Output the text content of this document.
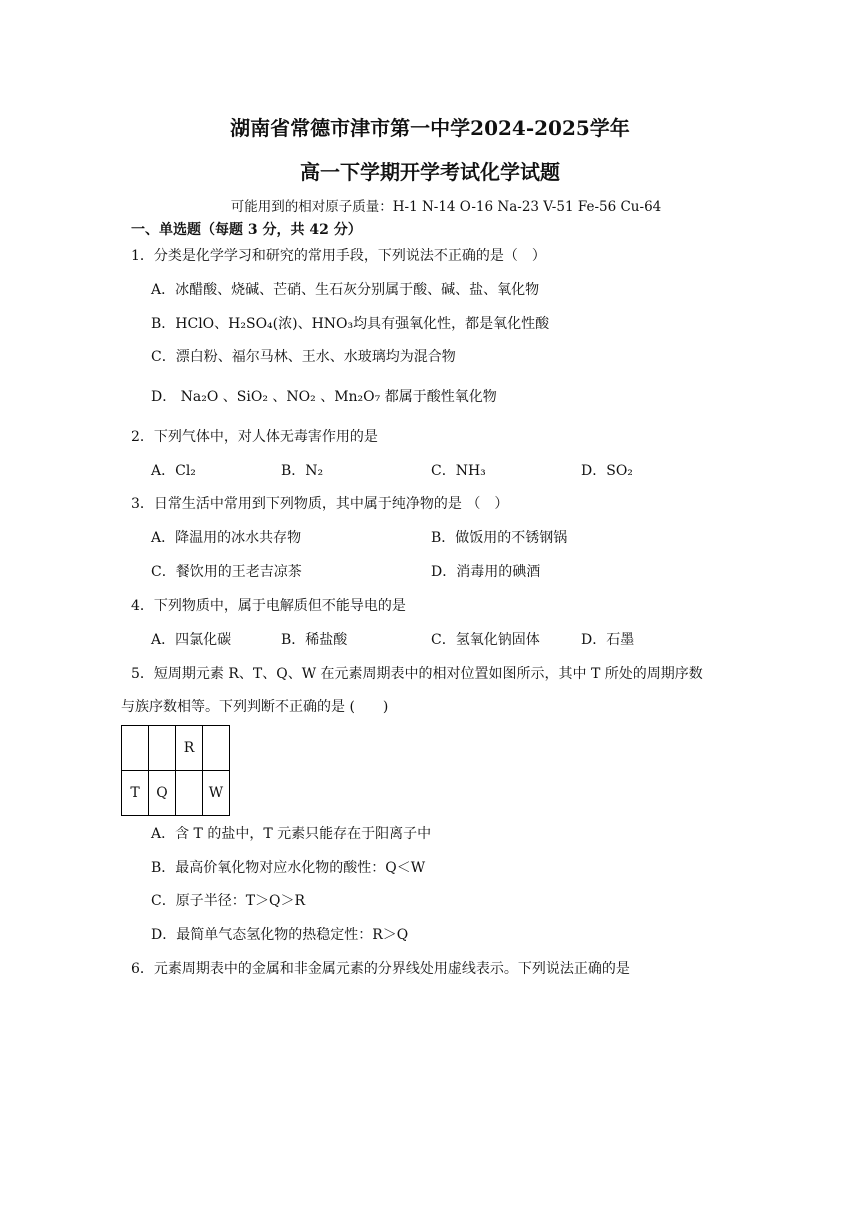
湖南省常德市津市第一中学2024-2025学年
高一下学期开学考试化学试题
可能用到的相对原子质量：H-1 N-14 O-16 Na-23 V-51 Fe-56 Cu-64
一、单选题（每题 3 分，共 42 分）
1．分类是化学学习和研究的常用手段，下列说法不正确的是（　）
A．冰醋酸、烧碱、芒硝、生石灰分别属于酸、碱、盐、氧化物
B．HClO、H₂SO₄(浓)、HNO₃均具有强氧化性，都是氧化性酸
C．漂白粉、福尔马林、王水、水玻璃均为混合物
D． Na₂O 、SiO₂ 、NO₂ 、Mn₂O₇ 都属于酸性氧化物
2．下列气体中，对人体无毒害作用的是
A．Cl₂	B．N₂	C．NH₃	D．SO₂
3．日常生活中常用到下列物质，其中属于纯净物的是 （　）
A．降温用的冰水共存物	B．做饭用的不锈钢锅
C．餐饮用的王老吉凉茶	D．消毒用的碘酒
4．下列物质中，属于电解质但不能导电的是
A．四氯化碳	B．稀盐酸	C．氢氧化钠固体	D．石墨
5．短周期元素 R、T、Q、W 在元素周期表中的相对位置如图所示，其中 T 所处的周期序数
与族序数相等。下列判断不正确的是 (　　)
		R	
T	Q		W
A．含 T 的盐中，T 元素只能存在于阳离子中
B．最高价氧化物对应水化物的酸性：Q＜W
C．原子半径：T＞Q＞R
D．最简单气态氢化物的热稳定性：R＞Q
6．元素周期表中的金属和非金属元素的分界线处用虚线表示。下列说法正确的是
